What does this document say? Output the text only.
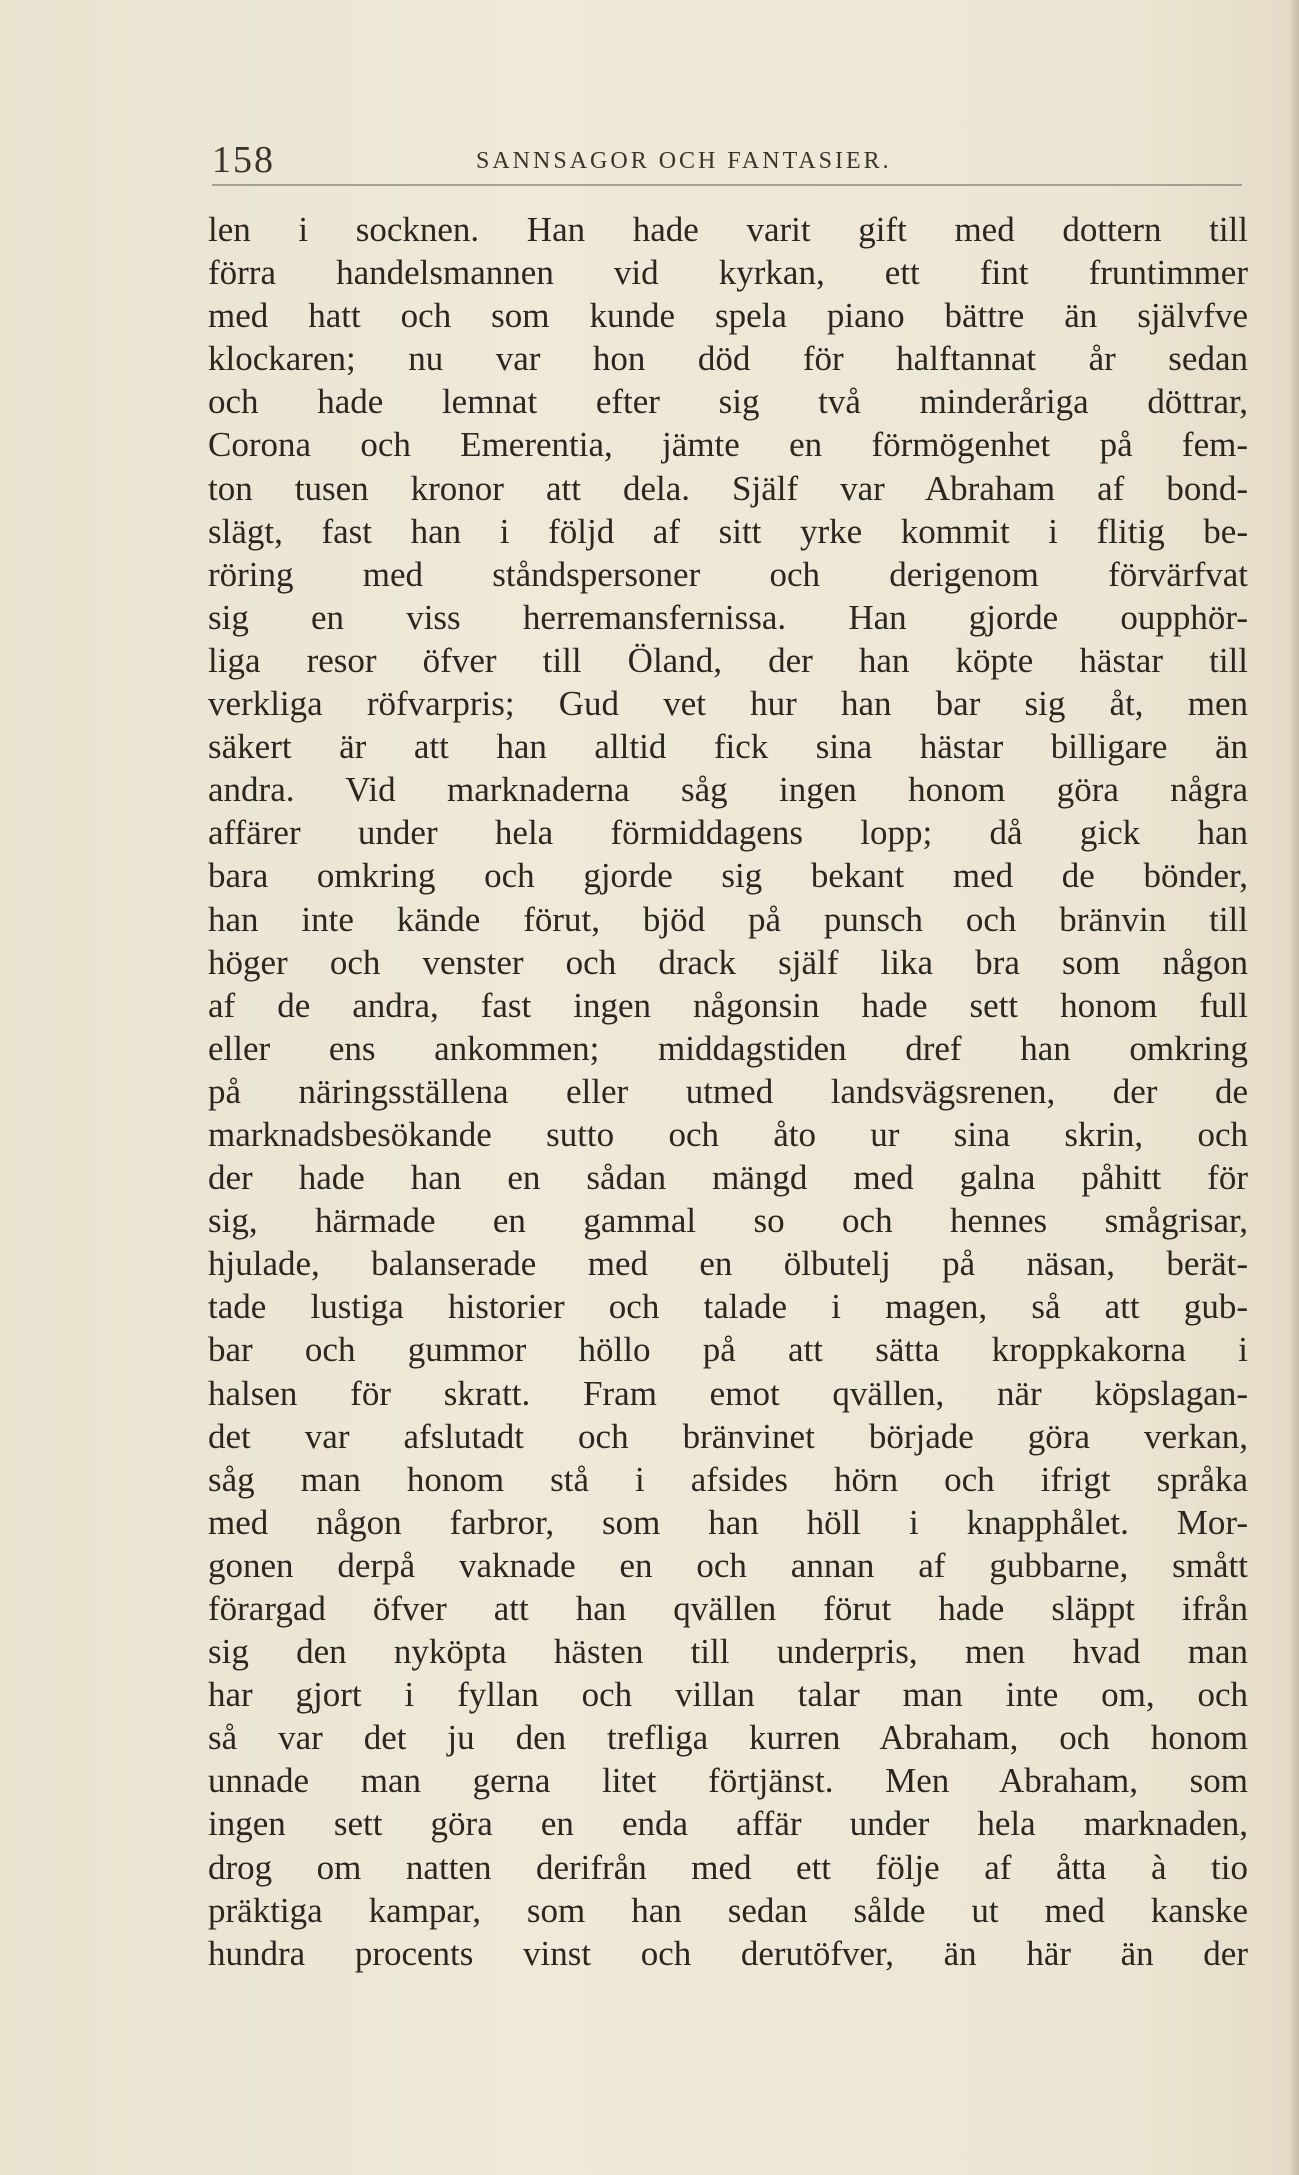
158	SANNSAGOR OCH FANTASIER.
len i socknen. Han hade varit gift med dottern till
förra handelsmannen vid kyrkan, ett fint fruntimmer
med hatt och som kunde spela piano bättre än självfve
klockaren; nu var hon död för halftannat år sedan
och hade lemnat efter sig två minderåriga döttrar,
Corona och Emerentia, jämte en förmögenhet på fem-
ton tusen kronor att dela. Själf var Abraham af bond-
slägt, fast han i följd af sitt yrke kommit i flitig be-
röring med ståndspersoner och derigenom förvärfvat
sig en viss herremansfernissa. Han gjorde oupphör-
liga resor öfver till Öland, der han köpte hästar till
verkliga röfvarpris; Gud vet hur han bar sig åt, men
säkert är att han alltid fick sina hästar billigare än
andra. Vid marknaderna såg ingen honom göra några
affärer under hela förmiddagens lopp; då gick han
bara omkring och gjorde sig bekant med de bönder,
han inte kände förut, bjöd på punsch och bränvin till
höger och venster och drack själf lika bra som någon
af de andra, fast ingen någonsin hade sett honom full
eller ens ankommen; middagstiden dref han omkring
på näringsställena eller utmed landsvägsrenen, der de
marknadsbesökande sutto och åto ur sina skrin, och
der hade han en sådan mängd med galna påhitt för
sig, härmade en gammal so och hennes smågrisar,
hjulade, balanserade med en ölbutelj på näsan, berät-
tade lustiga historier och talade i magen, så att gub-
bar och gummor höllo på att sätta kroppkakorna i
halsen för skratt. Fram emot qvällen, när köpslagan-
det var afslutadt och bränvinet började göra verkan,
såg man honom stå i afsides hörn och ifrigt språka
med någon farbror, som han höll i knapphålet. Mor-
gonen derpå vaknade en och annan af gubbarne, smått
förargad öfver att han qvällen förut hade släppt ifrån
sig den nyköpta hästen till underpris, men hvad man
har gjort i fyllan och villan talar man inte om, och
så var det ju den trefliga kurren Abraham, och honom
unnade man gerna litet förtjänst. Men Abraham, som
ingen sett göra en enda affär under hela marknaden,
drog om natten derifrån med ett följe af åtta à tio
präktiga kampar, som han sedan sålde ut med kanske
hundra procents vinst och derutöfver, än här än der
